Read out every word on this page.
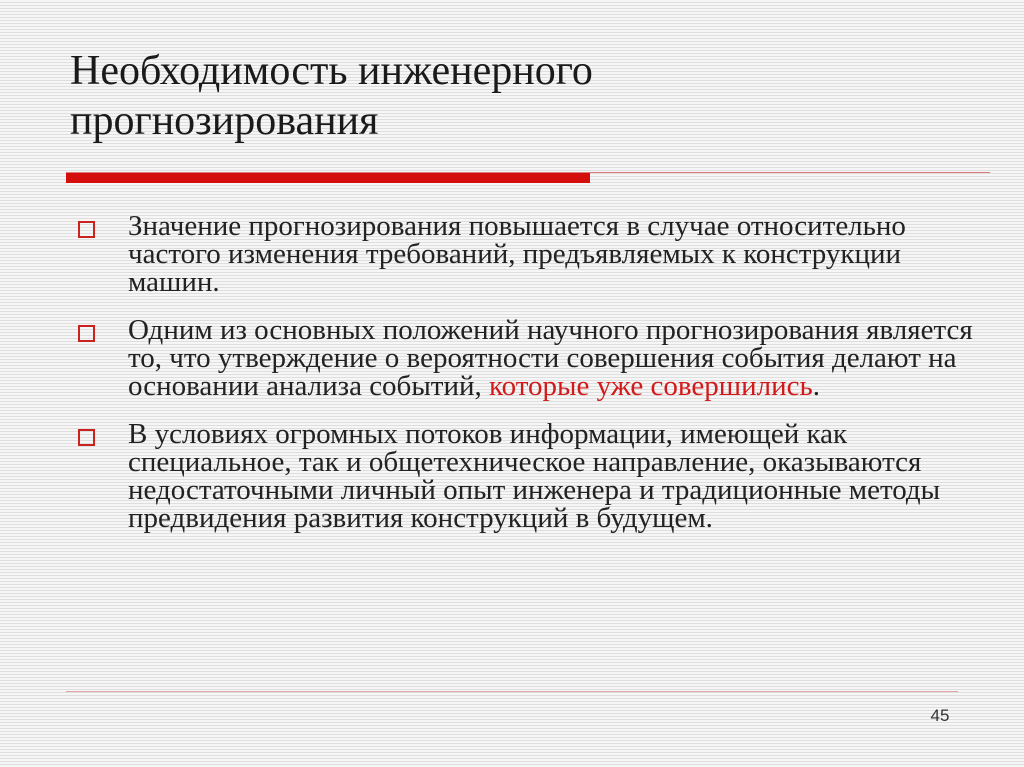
Необходимость инженерного
прогнозирования
Значение прогнозирования повышается в случае относительно частого изменения требований, предъявляемых к конструкции машин.
Одним из основных положений научного прогнозирования является то, что утверждение о вероятности совершения события делают на основании анализа событий, которые уже совершились.
В условиях огромных потоков информации, имеющей как специальное, так и общетехническое направление, оказываются недостаточными личный опыт инженера и традиционные методы предвидения развития конструкций в будущем.
45
